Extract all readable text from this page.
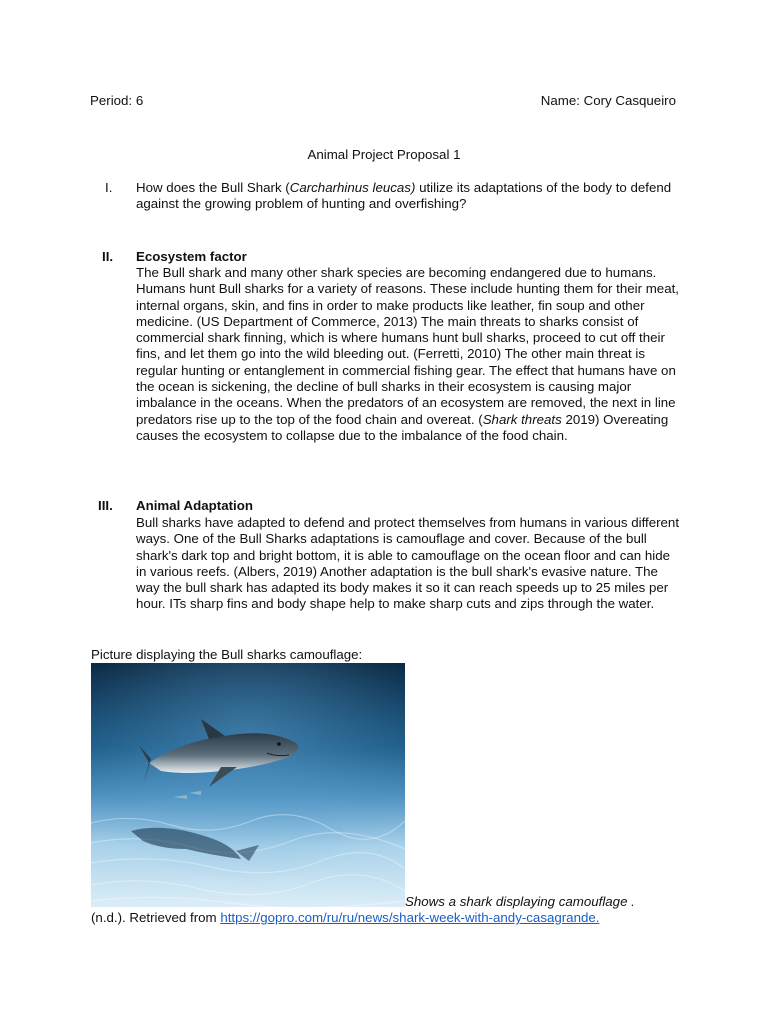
Period: 6	Name: Cory Casqueiro
Animal Project Proposal 1
I. How does the Bull Shark (Carcharhinus leucas) utilize its adaptations of the body to defend against the growing problem of hunting and overfishing?

II. Ecosystem factor

The Bull shark and many other shark species are becoming endangered due to humans. Humans hunt Bull sharks for a variety of reasons. These include hunting them for their meat, internal organs, skin, and fins in order to make products like leather, fin soup and other medicine. (US Department of Commerce, 2013) The main threats to sharks consist of commercial shark finning, which is where humans hunt bull sharks, proceed to cut off their fins, and let them go into the wild bleeding out. (Ferretti, 2010) The other main threat is regular hunting or entanglement in commercial fishing gear. The effect that humans have on the ocean is sickening, the decline of bull sharks in their ecosystem is causing major imbalance in the oceans. When the predators of an ecosystem are removed, the next in line predators rise up to the top of the food chain and overeat. (Shark threats 2019) Overeating causes the ecosystem to collapse due to the imbalance of the food chain.

III. Animal Adaptation

Bull sharks have adapted to defend and protect themselves from humans in various different ways. One of the Bull Sharks adaptations is camouflage and cover. Because of the bull shark's dark top and bright bottom, it is able to camouflage on the ocean floor and can hide in various reefs. (Albers, 2019) Another adaptation is the bull shark's evasive nature. The way the bull shark has adapted its body makes it so it can reach speeds up to 25 miles per hour. ITs sharp fins and body shape help to make sharp cuts and zips through the water.

Picture displaying the Bull sharks camouflage:
Shows a shark displaying camouflage .
(n.d.). Retrieved from https://gopro.com/ru/ru/news/shark-week-with-andy-casagrande.
